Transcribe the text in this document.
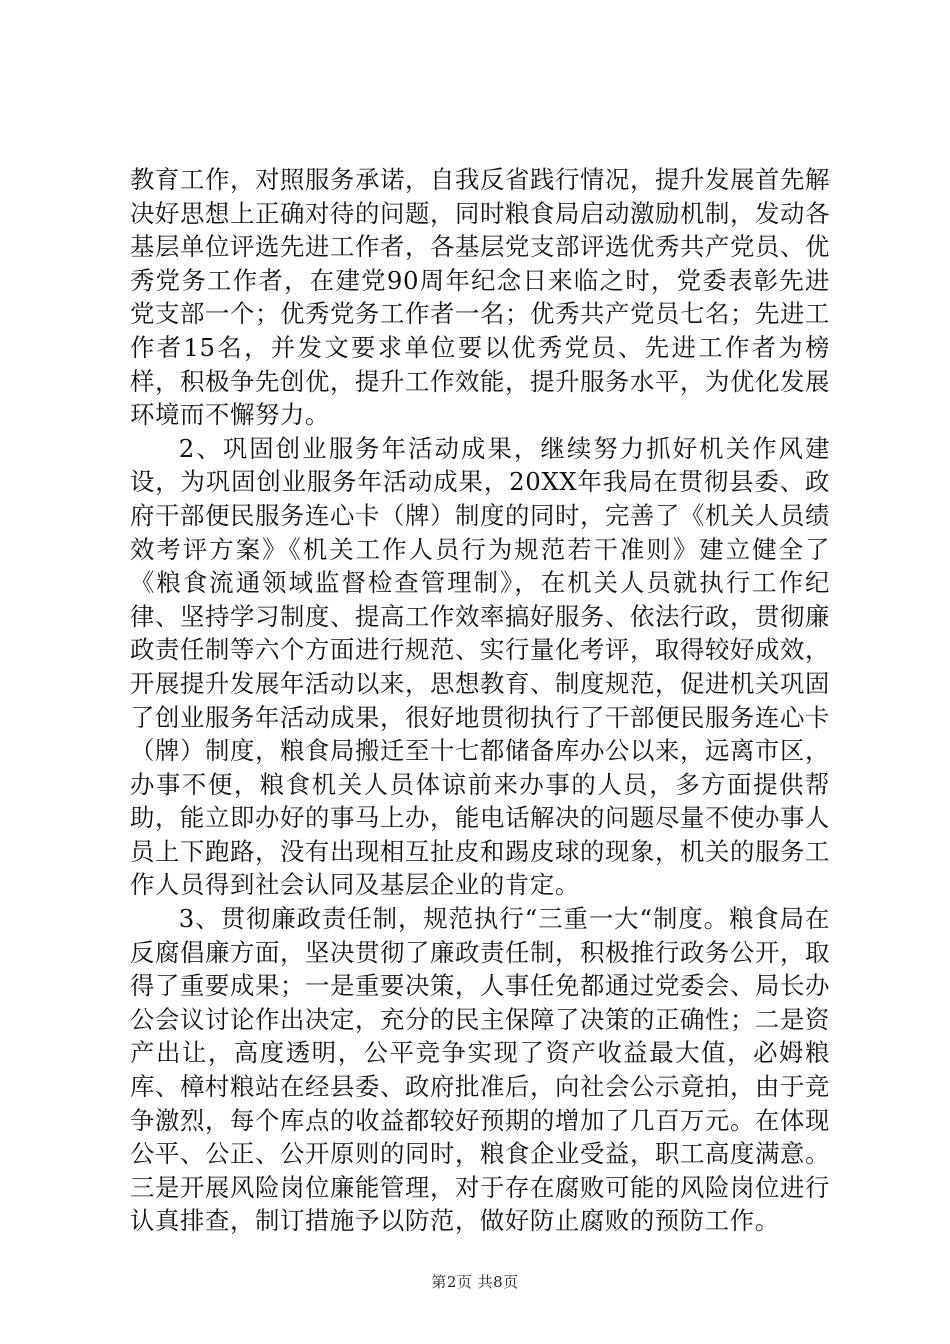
教育工作，对照服务承诺，自我反省践行情况，提升发展首先解决好思想上正确对待的问题，同时粮食局启动激励机制，发动各基层单位评选先进工作者，各基层党支部评选优秀共产党员、优秀党务工作者，在建党90周年纪念日来临之时，党委表彰先进党支部一个；优秀党务工作者一名；优秀共产党员七名；先进工作者15名，并发文要求单位要以优秀党员、先进工作者为榜样，积极争先创优，提升工作效能，提升服务水平，为优化发展环境而不懈努力。

2、巩固创业服务年活动成果，继续努力抓好机关作风建设，为巩固创业服务年活动成果，20XX年我局在贯彻县委、政府干部便民服务连心卡（牌）制度的同时，完善了《机关人员绩效考评方案》《机关工作人员行为规范若干准则》建立健全了《粮食流通领域监督检查管理制》，在机关人员就执行工作纪律、坚持学习制度、提高工作效率搞好服务、依法行政，贯彻廉政责任制等六个方面进行规范、实行量化考评，取得较好成效，开展提升发展年活动以来，思想教育、制度规范，促进机关巩固了创业服务年活动成果，很好地贯彻执行了干部便民服务连心卡（牌）制度，粮食局搬迁至十七都储备库办公以来，远离市区，办事不便，粮食机关人员体谅前来办事的人员，多方面提供帮助，能立即办好的事马上办，能电话解决的问题尽量不使办事人员上下跑路，没有出现相互扯皮和踢皮球的现象，机关的服务工作人员得到社会认同及基层企业的肯定。

3、贯彻廉政责任制，规范执行“三重一大“制度。粮食局在反腐倡廉方面，坚决贯彻了廉政责任制，积极推行政务公开，取得了重要成果；一是重要决策，人事任免都通过党委会、局长办公会议讨论作出决定，充分的民主保障了决策的正确性；二是资产出让，高度透明，公平竞争实现了资产收益最大值，必姆粮库、樟村粮站在经县委、政府批准后，向社会公示竟拍，由于竞争激烈，每个库点的收益都较好预期的增加了几百万元。在体现公平、公正、公开原则的同时，粮食企业受益，职工高度满意。三是开展风险岗位廉能管理，对于存在腐败可能的风险岗位进行认真排查，制订措施予以防范，做好防止腐败的预防工作。

第2页 共8页
